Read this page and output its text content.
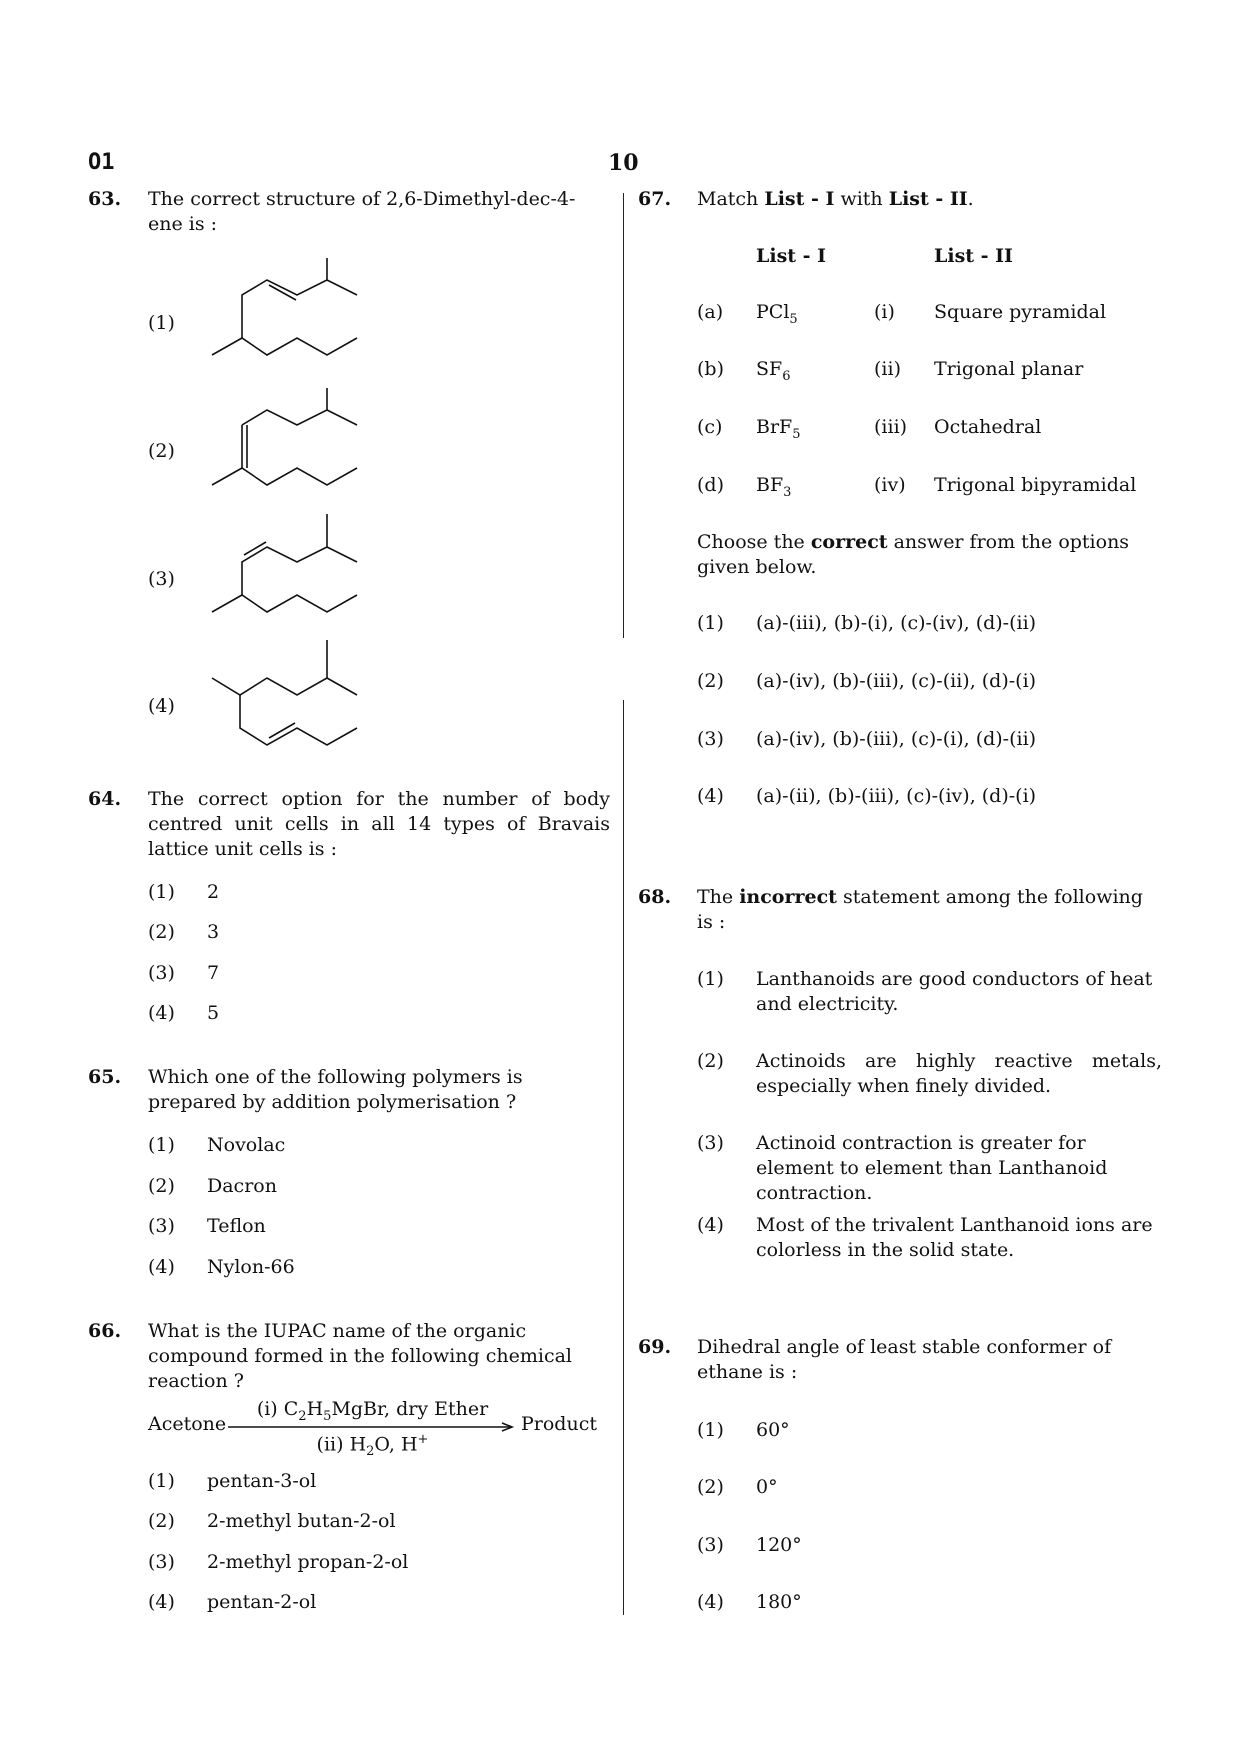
O1	10
63. The correct structure of 2,6-Dimethyl-dec-4-ene is :
(1)
(2)
(3)
(4)
64. The correct option for the number of body centred unit cells in all 14 types of Bravais lattice unit cells is :
(1) 2
(2) 3
(3) 7
(4) 5
65. Which one of the following polymers is prepared by addition polymerisation ?
(1) Novolac
(2) Dacron
(3) Teflon
(4) Nylon-66
66. What is the IUPAC name of the organic compound formed in the following chemical reaction ?
Acetone
(i) $C_2H_5MgBr$, dry Ether
(ii) $H_2O$, H+
Product
(1) pentan-3-ol
(2) 2-methyl butan-2-ol
(3) 2-methyl propan-2-ol
(4) pentan-2-ol
67. Match List - I with List - II.
List - I	List - II
(a) PCl$_5$	(i) Square pyramidal
(b) $SF_6$	(ii) Trigonal planar
(c) BrF$_5$	(iii) Octahedral
(d) $BF_3$	(iv) Trigonal bipyramidal
Choose the correct answer from the options given below.
(1) (a)-(iii), (b)-(i), (c)-(iv), (d)-(ii)
(2) (a)-(iv), (b)-(iii), (c)-(ii), (d)-(i)
(3) (a)-(iv), (b)-(iii), (c)-(i), (d)-(ii)
(4) (a)-(ii), (b)-(iii), (c)-(iv), (d)-(i)
68. The incorrect statement among the following is :
(1) Lanthanoids are good conductors of heat and electricity.
(2) Actinoids are highly reactive metals, especially when finely divided.
(3) Actinoid contraction is greater for element to element than Lanthanoid contraction.
(4) Most of the trivalent Lanthanoid ions are colorless in the solid state.
69. Dihedral angle of least stable conformer of ethane is :
(1) 60°
(2) 0°
(3) 120°
(4) 180°
